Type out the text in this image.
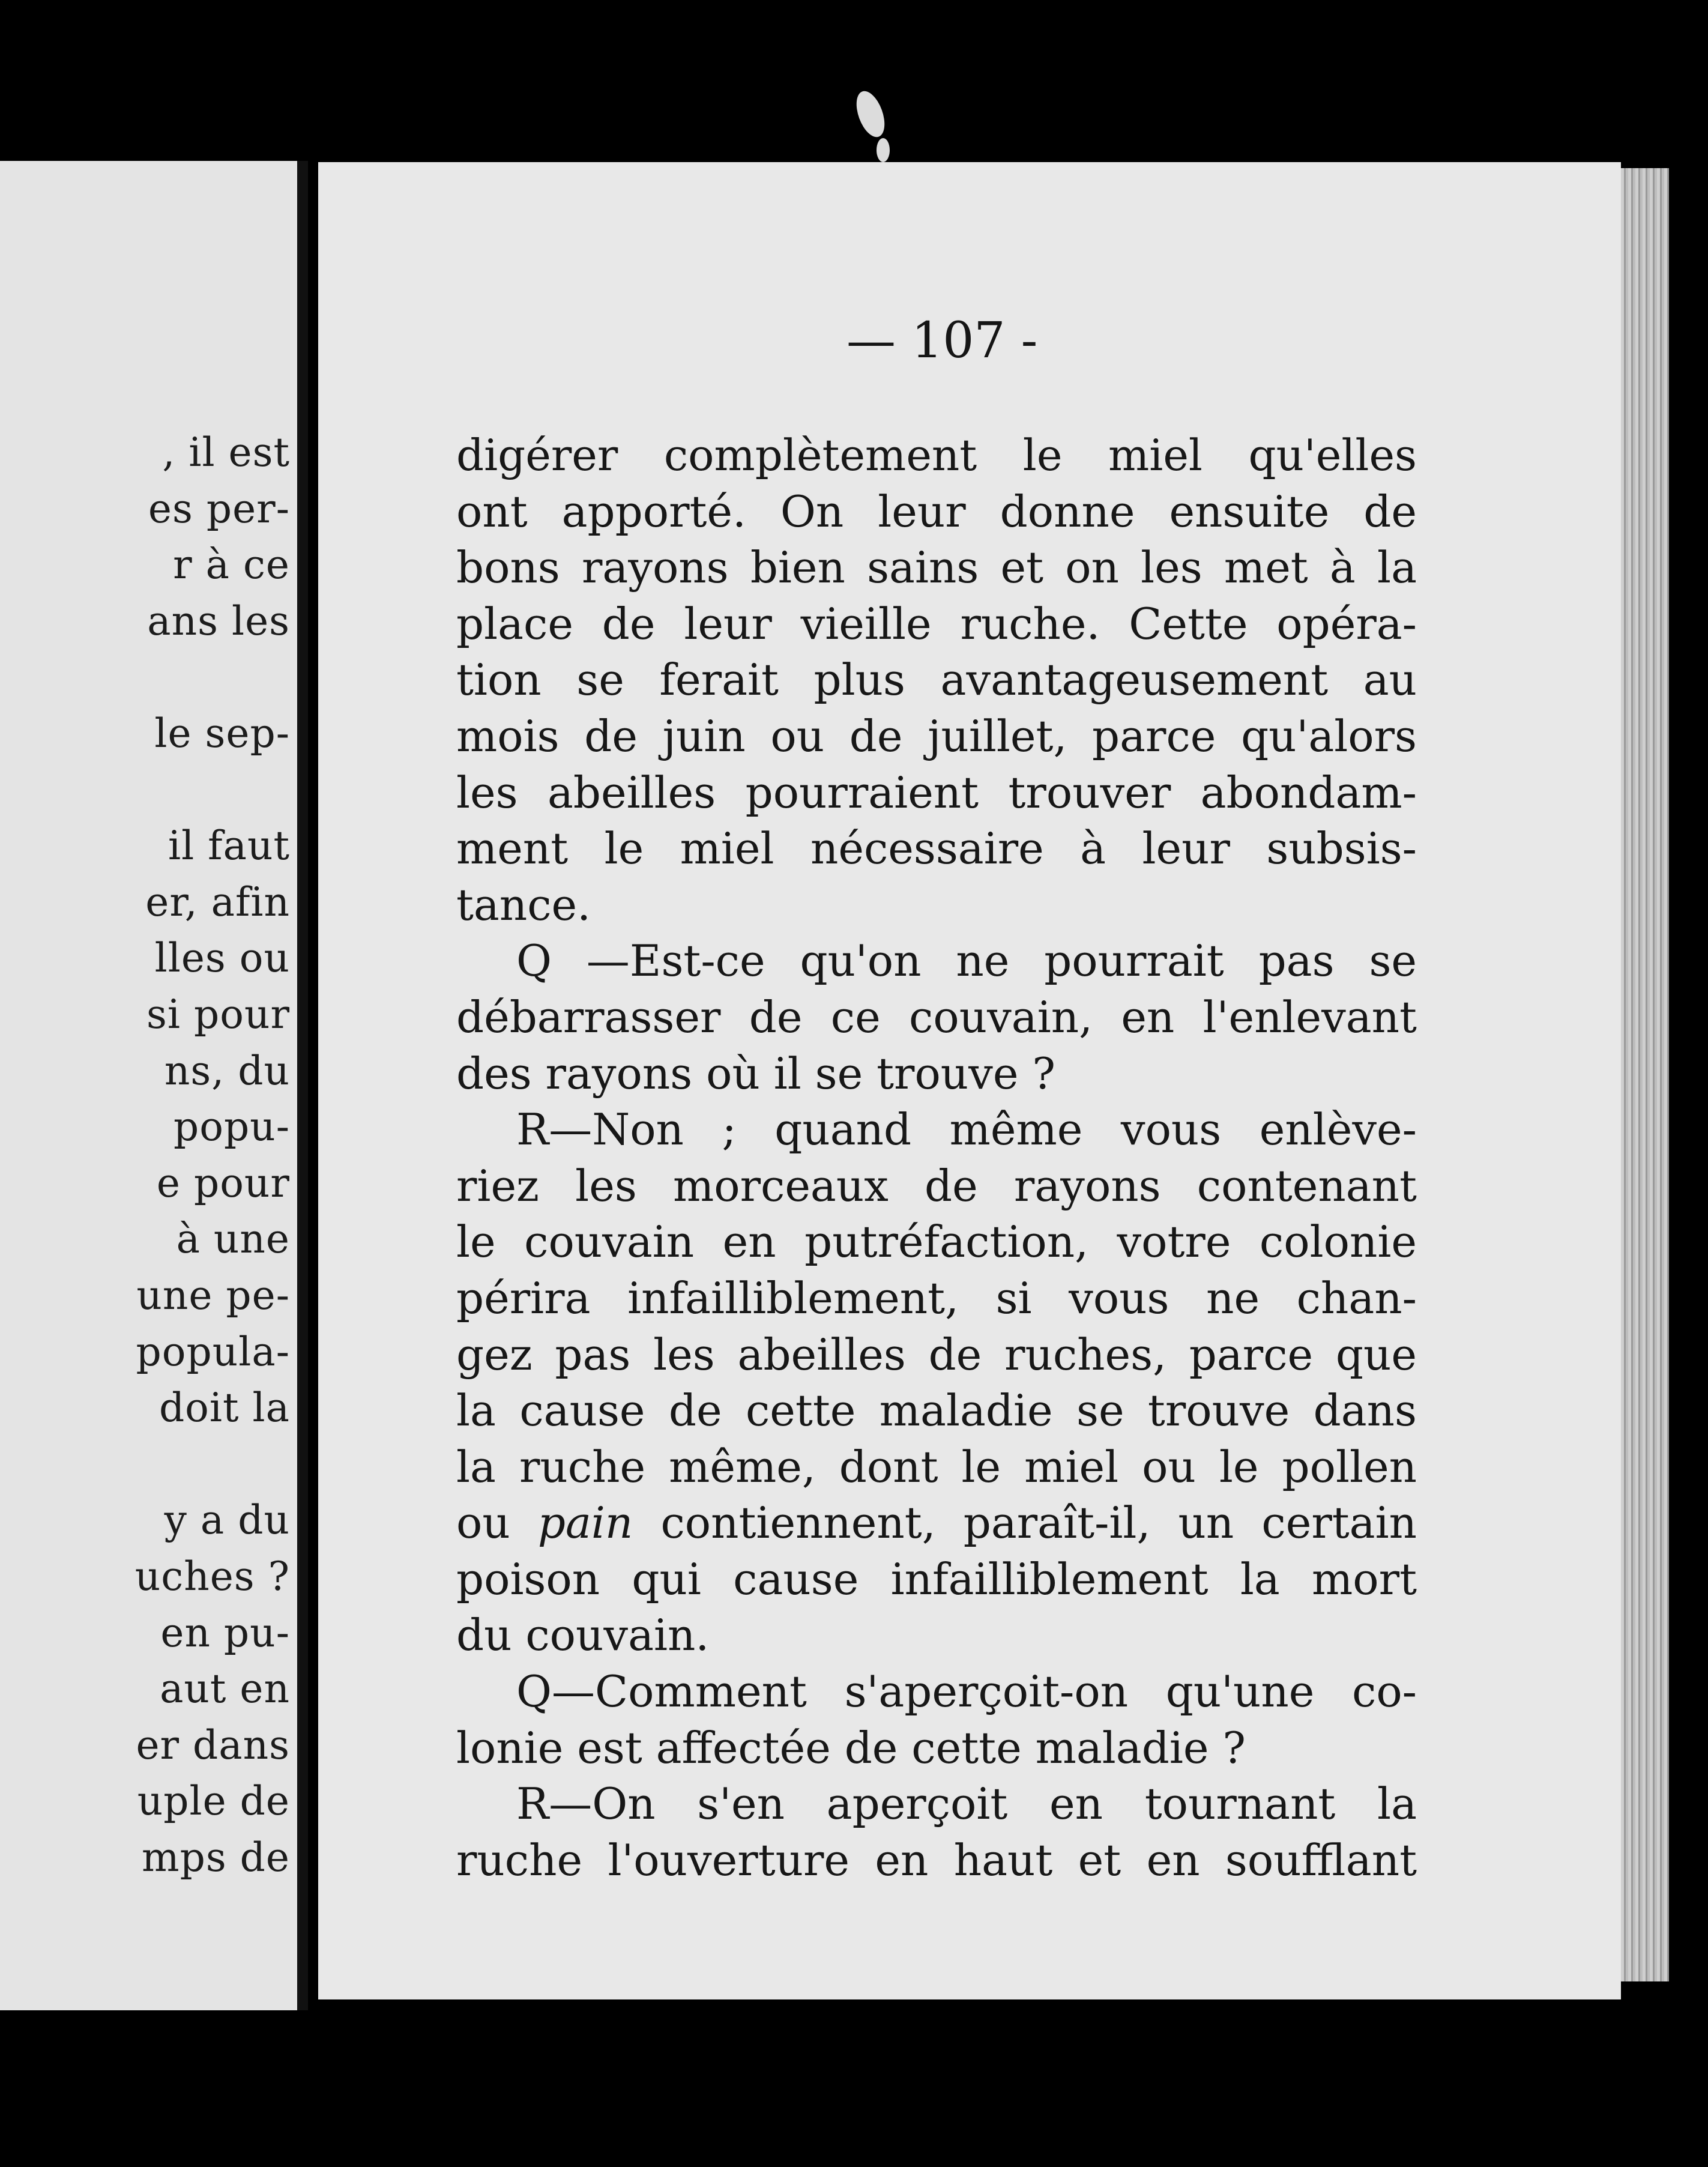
, il est
es per-
r à ce
ans les
le sep-
il faut
er, afin
lles ou
si pour
ns, du
popu-
e pour
à une
une pe-
popula-
doit la
y a du
uches ?
en pu-
aut en
er dans
uple de
mps de
— 107 -
digérer complètement le miel qu'elles
ont apporté. On leur donne ensuite de
bons rayons bien sains et on les met à la
place de leur vieille ruche. Cette opéra-
tion se ferait plus avantageusement au
mois de juin ou de juillet, parce qu'alors
les abeilles pourraient trouver abondam-
ment le miel nécessaire à leur subsis-
tance.
Q —Est-ce qu'on ne pourrait pas se
débarrasser de ce couvain, en l'enlevant
des rayons où il se trouve ?
R—Non ; quand même vous enlève-
riez les morceaux de rayons contenant
le couvain en putréfaction, votre colonie
périra infailliblement, si vous ne chan-
gez pas les abeilles de ruches, parce que
la cause de cette maladie se trouve dans
la ruche même, dont le miel ou le pollen
ou pain contiennent, paraît-il, un certain
poison qui cause infailliblement la mort
du couvain.
Q—Comment s'aperçoit-on qu'une co-
lonie est affectée de cette maladie ?
R—On s'en aperçoit en tournant la
ruche l'ouverture en haut et en soufflant
